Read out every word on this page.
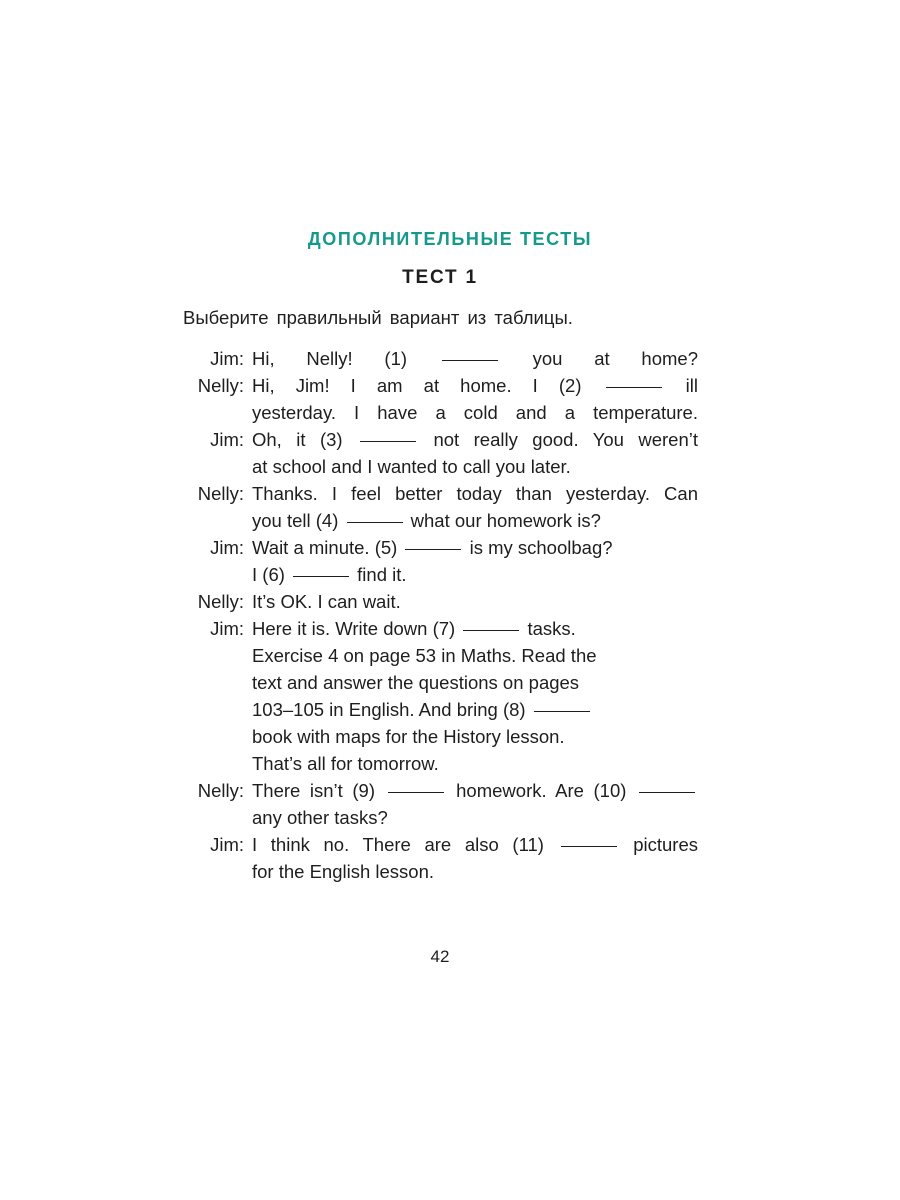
ДОПОЛНИТЕЛЬНЫЕ ТЕСТЫ
ТЕСТ 1
Выберите правильный вариант из таблицы.
Jim: Hi, Nelly! (1)	you at home?
Nelly: Hi, Jim! I am at home. I (2)	ill
yesterday. I have a cold and a temperature.
Jim: Oh, it (3)	not really good. You weren’t
at school and I wanted to call you later.
Nelly: Thanks. I feel better today than yesterday. Can
you tell (4)	what our homework is?
Jim: Wait a minute. (5)	is my schoolbag?
I (6)	find it.
Nelly: It’s OK. I can wait.
Jim: Here it is. Write down (7)	tasks.
Exercise 4 on page 53 in Maths. Read the
text and answer the questions on pages
103–105 in English. And bring (8)
book with maps for the History lesson.
That’s all for tomorrow.
Nelly: There isn’t (9)	homework. Are (10)
any other tasks?
Jim: I think no. There are also (11)	pictures
for the English lesson.
42
